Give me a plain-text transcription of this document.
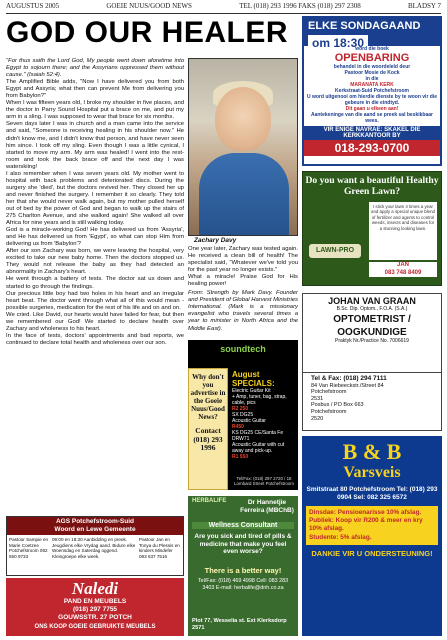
AUGUSTUS 2005	GOEIE NUUS/GOOD NEWS	TEL (018) 293 1996 FAKS (018) 297 2308	BLADSY 7
GOD OUR HEALER

"For thus saith the Lord God, My people went down aforetime into Egypt to sojourn there; and the Assyrians oppressed them without cause." (Isaiah 52:4).

The Amplified Bible adds, "Now I have delivered you from both Egypt and Assyria; what then can prevent Me from delivering you from Babylon?"

When I was fifteen years old, I broke my shoulder in five places, and the doctor in Parry Sound Hospital put a brace on me, and put my arm in a sling. I was supposed to wear that brace for six months.

Seven days later I was in church and a man came into the service and said, "Someone is receiving healing in his shoulder now." He didn't know me, and I didn't know that person, and have never seen him since. I took off my sling. Even though I was a little cynical, I started to move my arm. My arm was healed! I went into the rest-room and took the back brace off and the next day I was waterskiing!

I also remember when I was seven years old. My mother went to hospital with back problems and deteriorated discs. During the surgery she 'died', but the doctors revived her. They closed her up and never finished the surgery. I remember it so clearly. They told her that she would never walk again, but my mother pulled herself out of bed by the power of God and began to walk up the stairs of 275 Charlton Avenue, and she walked again! She walked all over Africa for nine years and is still walking today.

God is a miracle-working God! He has delivered us from 'Assyria', and He has delivered us from 'Egypt', so what can stop Him from delivering us from 'Babylon'?

After our son Zachary was born, we were leaving the hospital, very excited to take our new baby home. Then the doctors stopped us. They would not release the baby as they had detected an abnormality in Zachary's heart.

He went through a battery of tests. The doctor sat us down and started to go through the findings.

Our precious little boy had two holes in his heart and an irregular heart beat. The doctor went through what all of this would mean - possible surgeries, medication for the rest of his life and on and on.

We cried. Like David, our hearts would have failed for fear, but then we remembered our God! We started to declare health over Zachary and wholeness to his heart.

In the face of tests, doctors' appointments and bad reports, we continued to declare total health and wholeness over our son.

Zachary Davy

One year later, Zachary was tested again. He received a clean bill of health! The specialist said, "Whatever we've told you for the past year no longer exists."

What a miracle! Praise God for His healing power!

From: Strength by Mark Davy. Founder and President of Global Harvest Ministries International. (Mark is a missionary evangelist who travels several times a year to minister in North Africa and the Middle East).

ELKE SONDAGAAND
om 18:30
word die boek
OPENBARING
behandel in die woordeleld deur
Pastoor Mosie de Kock
in die
MARANATA KERK
Kerkstraat-Suid Potchefstroom
U word uitgenooi om hierdie dienste by te woon vir die gebeure in die eindtyd.
Dit gaan u elkeen aan!
Aantekeninge van die aand se preek sal beskikbaar wees.
VIR ENIGE NAVRAE: SKAKEL DIE KERKKANTOOR BY
018-293-0700
Do you want a beautiful Healthy Green Lawn?
I stick your lawn 4 times a year and apply a special unique blend of fertilizer and agents to control weeds, insects and diseases for a stunning looking lawn.
LAWN-PRO
JAN
083 748 8409
soundtech
August SPECIALS:
Electric Guitar Kit
+ Amp, tuner, bag, strap, cable, pics
R2 250
SX DG25
Acoustic Guitar
R450
KS DG25 CE/Santa Fe DRW71
Acoustic Guitar with cut away and pick-up.
R1 550
Tel/Fax: (018) 297 2720 / 18 Lombard Street Potchefstroom
Why don't you advertise in the Goeie Nuus/Good News?
Contact (018) 293 1996
JOHAN VAN GRAAN
B.Sc. Dip. Optom., F.O.A. (S.A.)
OPTOMETRIST /
OOGKUNDIGE
Praktyk Nr./Practice No. 7006619
Tel & Fax: (018) 294 7111
84 Van Riebeeckstr./Street 84
Potchefstroom
2531
Posbus / PO Box 663
Potchefstroom
2520
HERBALIFE	Dr Hannetjie Ferreira (MBChB)
Wellness Consultant
Are you sick and tired of pills & medicine that make you feel even worse?
There is a better way!
Tel/Fax: (018) 469 4998 Cell: 083 283 3403 E-mail: herbalife@dnh.co.za
Plot 77, Wesselia st. Ext Klerksdorp 2571
B & B
Varsveis
Smitstraat 80 Potchefstroom Tel: (018) 293 0904 Sel: 082 325 6572
Dinsdae: Pensioenarisse 10% afslag.
Publiek: Koop vir R200 & meer en kry 10% afslag.
Studente: 5% afslag.
DANKIE VIR U ONDERSTEUNING!
AGS Potchefstroom-Suid
Woord en Lewe Gemeente
Pastoor Sampie en Marie Coetzee Potchefstroom 082 550 9733
09:00 en 18:30 Aanbidding en preek. Jeugdiens elke Vrydag aand. Bidure elke Woensdag en Saterdag oggend. Kleingroepe elke week.
Pastoor Jan en Tonya du Plessis en kinders Misdefer 083 637 7516
Naledi
PAND EN MEUBELS
(018) 297 7755
GOUWSSTR. 27 POTCH
ONS KOOP GOEIE GEBRUIKTE MEUBELS
